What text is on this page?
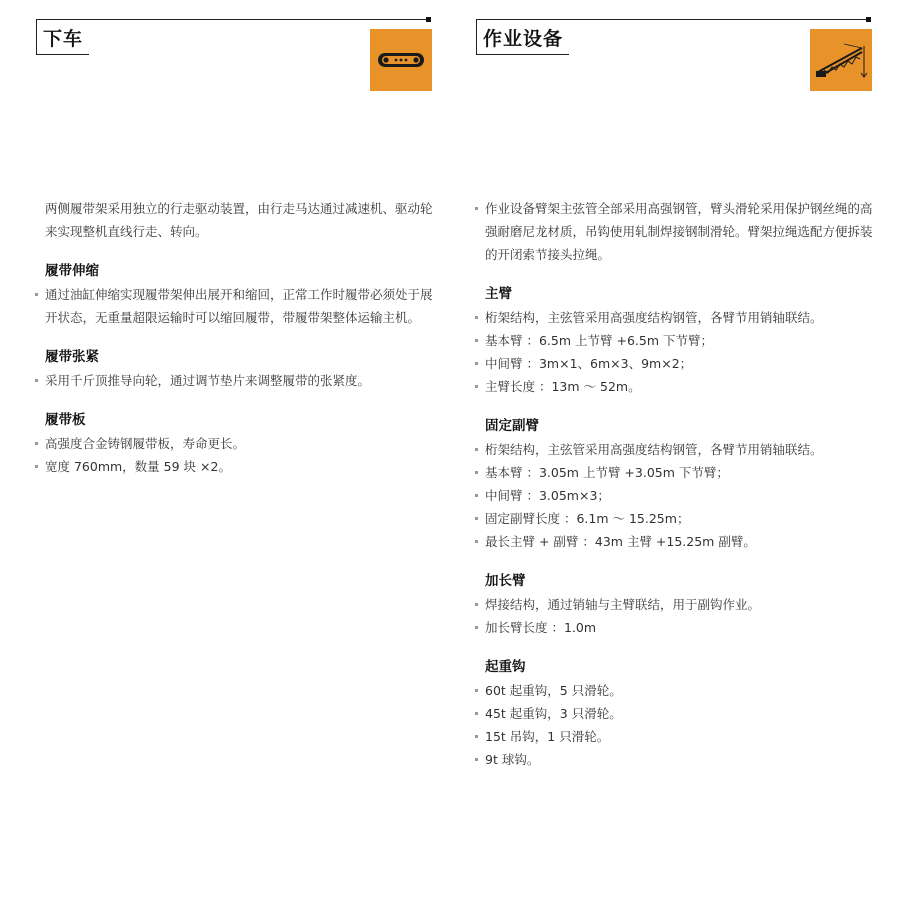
下车

两侧履带架采用独立的行走驱动装置，由行走马达通过减速机、驱动轮来实现整机直线行走、转向。

履带伸缩
通过油缸伸缩实现履带架伸出展开和缩回，正常工作时履带必须处于展开状态，无重量超限运输时可以缩回履带，带履带架整体运输主机。
履带张紧
采用千斤顶推导向轮，通过调节垫片来调整履带的张紧度。
履带板
高强度合金铸钢履带板，寿命更长。
宽度 760mm，数量 59 块 ×2。
作业设备

作业设备臂架主弦管全部采用高强钢管，臂头滑轮采用保护钢丝绳的高强耐磨尼龙材质，吊钩使用轧制焊接钢制滑轮。臂架拉绳选配方便拆装的开闭索节接头拉绳。

主臂
桁架结构，主弦管采用高强度结构钢管，各臂节用销轴联结。
基本臂 ：6.5m 上节臂 +6.5m 下节臂；
中间臂 ：3m×1、6m×3、9m×2；
主臂长度 ：13m ～ 52m。
固定副臂
桁架结构，主弦管采用高强度结构钢管，各臂节用销轴联结。
基本臂 ：3.05m 上节臂 +3.05m 下节臂；
中间臂 ：3.05m×3；
固定副臂长度 ：6.1m ～ 15.25m；
最长主臂 + 副臂 ：43m 主臂 +15.25m 副臂。
加长臂
焊接结构，通过销轴与主臂联结，用于副钩作业。
加长臂长度 ：1.0m
起重钩
60t 起重钩，5 只滑轮。
45t 起重钩，3 只滑轮。
15t 吊钩，1 只滑轮。
9t 球钩。
